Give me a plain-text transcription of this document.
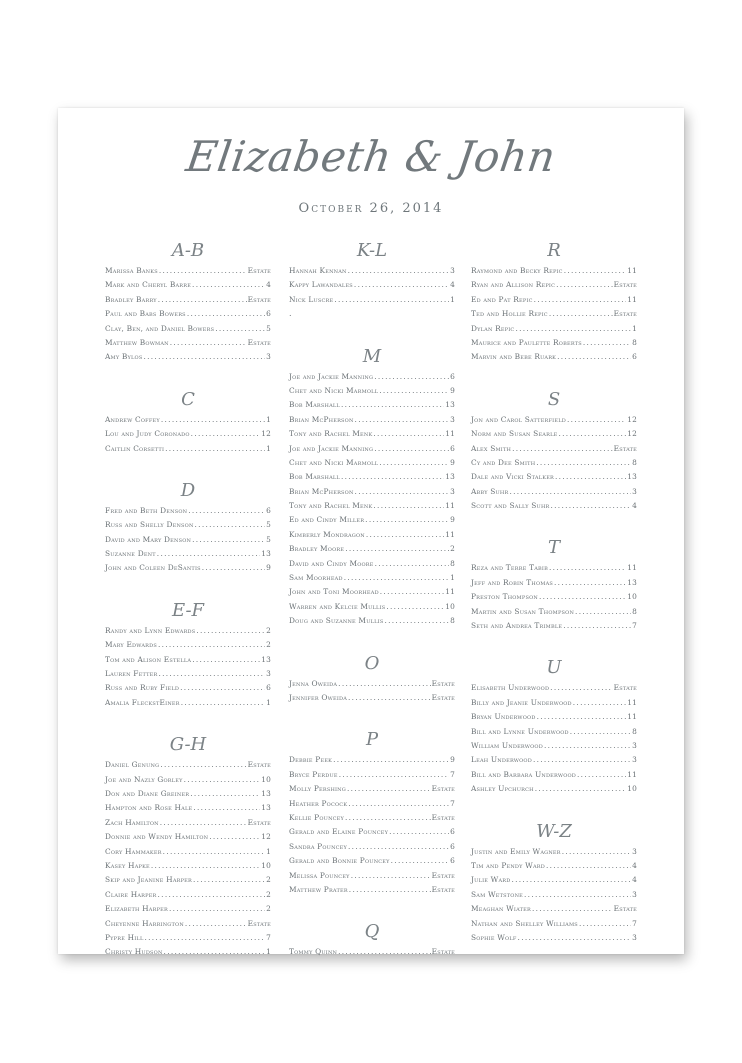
Elizabeth & John
October 26, 2014
A-B
Marissa Banks .....	Estate
Mark and Cheryl Barre .....	4
Bradley Barry .....	Estate
Paul and Babs Bowers .....	6
Clay, Ben, and Daniel Bowers .....	5
Matthew Bowman .....	Estate
Amy Bylos .....	3
C
Andrew Coffey .....	1
Lou and Judy Coronado .....	12
Caitlin Corsetti .....	1
D
Fred and Beth Denson .....	6
Russ and Shelly Denson .....	5
David and Mary Denson .....	5
Suzanne Dent .....	13
John and Coleen DeSantis .....	9
E-F
Randy and Lynn Edwards .....	2
Mary Edwards .....	2
Tom and Alison Estella .....	13
Lauren Fetter .....	3
Russ and Ruby Field .....	6
Amalia FleckstEiner .....	1
G-H
Daniel Genung .....	Estate
Joe and Nazly Gorley .....	10
Don and Diane Greiner .....	13
Hampton and Rose Hale .....	13
Zach Hamilton .....	Estate
Donnie and Wendy Hamilton .....	12
Cory Hammaker .....	1
Kasey Hapke .....	10
Skip and Jeanine Harper .....	2
Claire Harper .....	2
Elizabeth Harper .....	2
Cheyenne Harrington .....	Estate
Pypre Hill .....	7
Christy Hudson .....	1
K-L
Hannah Kennan .....	3
Kappy Lawandales .....	4
Nick Luscre .....	1
.
M
Joe and Jackie Manning .....	6
Chet and Nicki Marmoll .....	9
Bob Marshall .....	13
Brian McPherson .....	3
Tony and Rachel Menk .....	11
Joe and Jackie Manning .....	6
Chet and Nicki Marmoll .....	9
Bob Marshall .....	13
Brian McPherson .....	3
Tony and Rachel Menk .....	11
Ed and Cindy Miller .....	9
Kimberly Mondragon .....	11
Bradley Moore .....	2
David and Cindy Moore .....	8
Sam Moorhead .....	1
John and Toni Moorhead .....	11
Warren and Kelcie Mullis .....	10
Doug and Suzanne Mullis .....	8
O
Jenna Oweida .....	Estate
Jennifer Oweida .....	Estate
P
Debbie Peek .....	9
Bryce Perdue .....	7
Molly Pershing .....	Estate
Heather Pocock .....	7
Kellie Pouncey .....	Estate
Gerald and Elaine Pouncey .....	6
Sandra Pouncey .....	6
Gerald and Bonnie Pouncey .....	6
Melissa Pouncey .....	Estate
Matthew Prater .....	Estate
Q
Tommy Quinn .....	Estate
R
Raymond and Becky Repic .....	11
Ryan and Allison Repic .....	Estate
Ed and Pat Repic .....	11
Ted and Hollie Repic .....	Estate
Dylan Repic .....	1
Maurice and Paulette Roberts .....	8
Marvin and Bebe Ruark .....	6
S
Jon and Carol Satterfield .....	12
Norm and Susan Searle .....	12
Alex Smith .....	Estate
Cy and Dee Smith .....	8
Dale and Vicki Stalker .....	13
Abby Suhr .....	3
Scott and Sally Suhr .....	4
T
Reza and Terre Tabib .....	11
Jeff and Robin Thomas .....	13
Preston Thompson .....	10
Martin and Susan Thompson .....	8
Seth and Andrea Trimble .....	7
U
Elisabeth Underwood .....	Estate
Billy and Jeanie Underwood .....	11
Bryan Underwood .....	11
Bill and Lynne Underwood .....	8
William Underwood .....	3
Leah Underwood .....	3
Bill and Barbara Underwood .....	11
Ashley Upchurch .....	10
W-Z
Justin and Emily Wagner .....	3
Tim and Pendy Ward .....	4
Julie Ward .....	4
Sam Wetstone .....	3
Meaghan Wiater .....	Estate
Nathan and Shelley Williams .....	7
Sophie Wolf .....	3
